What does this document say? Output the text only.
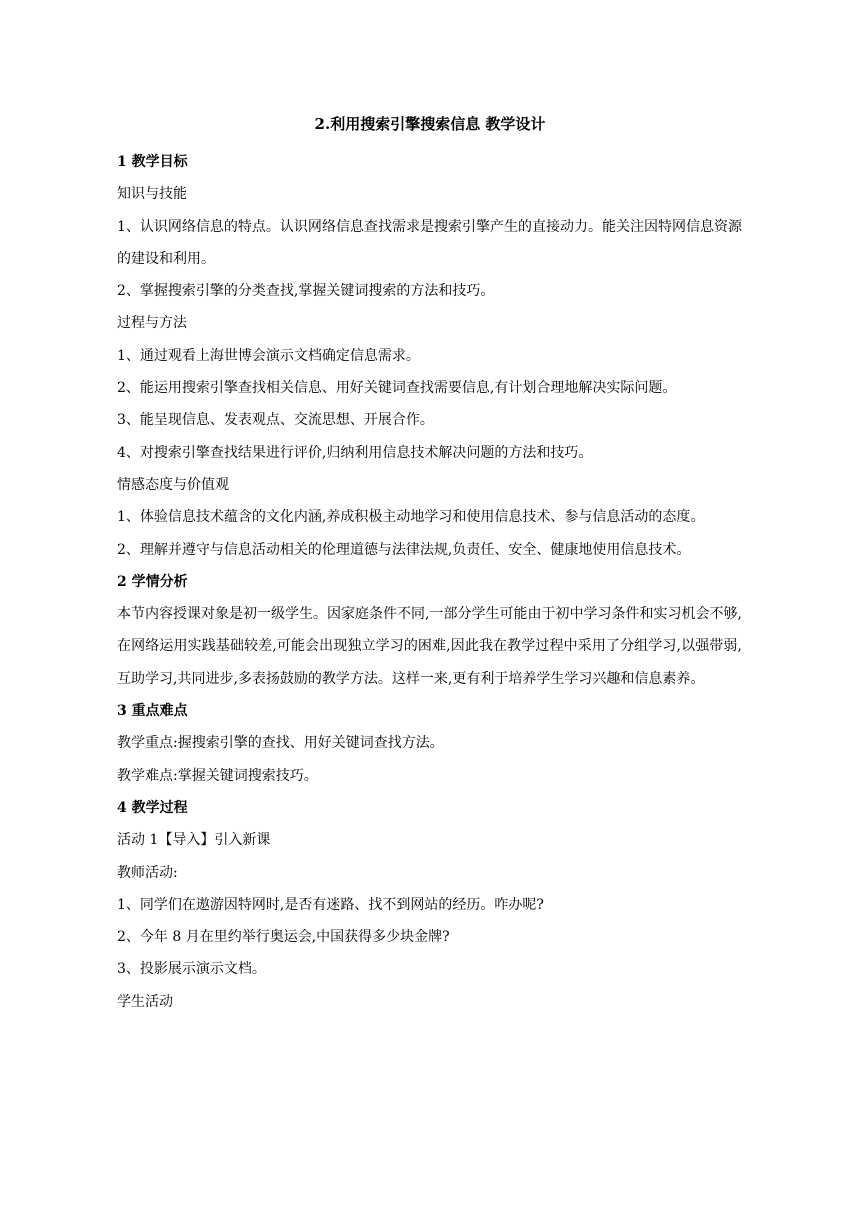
2.利用搜索引擎搜索信息 教学设计

1 教学目标

知识与技能

1、认识网络信息的特点。认识网络信息查找需求是搜索引擎产生的直接动力。能关注因特网信息资源的建设和利用。

2、掌握搜索引擎的分类查找,掌握关键词搜索的方法和技巧。

过程与方法

1、通过观看上海世博会演示文档确定信息需求。

2、能运用搜索引擎查找相关信息、用好关键词查找需要信息,有计划合理地解决实际问题。

3、能呈现信息、发表观点、交流思想、开展合作。

4、对搜索引擎查找结果进行评价,归纳利用信息技术解决问题的方法和技巧。

情感态度与价值观

1、体验信息技术蕴含的文化内涵,养成积极主动地学习和使用信息技术、参与信息活动的态度。

2、理解并遵守与信息活动相关的伦理道德与法律法规,负责任、安全、健康地使用信息技术。

2 学情分析

本节内容授课对象是初一级学生。因家庭条件不同,一部分学生可能由于初中学习条件和实习机会不够,在网络运用实践基础较差,可能会出现独立学习的困难,因此我在教学过程中采用了分组学习,以强带弱,互助学习,共同进步,多表扬鼓励的教学方法。这样一来,更有利于培养学生学习兴趣和信息素养。

3 重点难点

教学重点:握搜索引擎的查找、用好关键词查找方法。

教学难点:掌握关键词搜索技巧。

4 教学过程

活动 1【导入】引入新课

教师活动:

1、同学们在遨游因特网时,是否有迷路、找不到网站的经历。咋办呢?

2、今年 8 月在里约举行奥运会,中国获得多少块金牌?

3、投影展示演示文档。

学生活动
